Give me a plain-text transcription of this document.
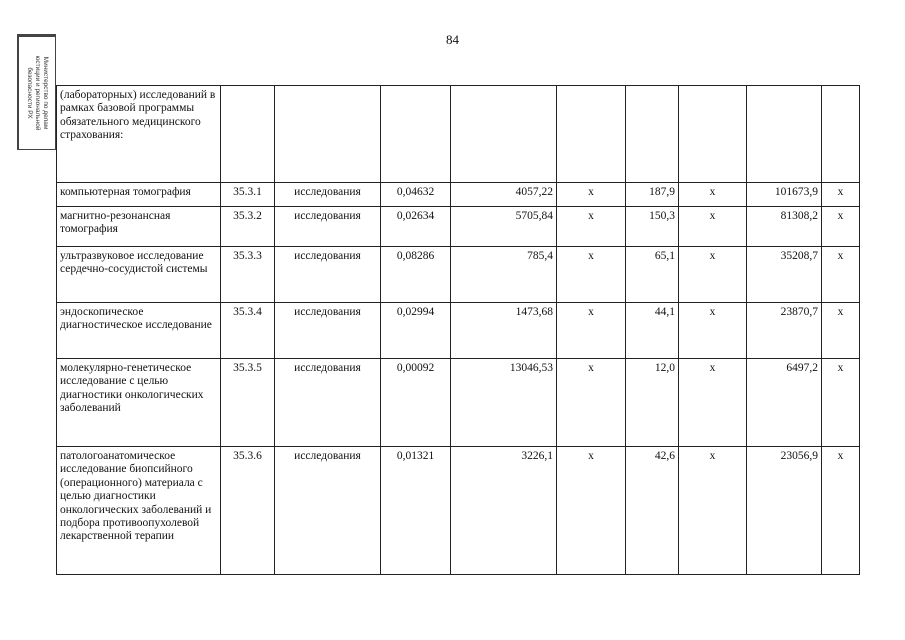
84
Министерство по делам
юстиции и региональной
безопасности РХ (лабораторных) исследований в рамках базовой программы обязательного медицинского страхования:									
компьютерная томография	35.3.1	исследования	0,04632	4057,22	x	187,9	x	101673,9	x
магнитно-резонансная томография	35.3.2	исследования	0,02634	5705,84	x	150,3	x	81308,2	x
ультразвуковое исследование сердечно-сосудистой системы	35.3.3	исследования	0,08286	785,4	x	65,1	x	35208,7	x
эндоскопическое диагностическое исследование	35.3.4	исследования	0,02994	1473,68	x	44,1	x	23870,7	x
молекулярно-генетическое исследование с целью диагностики онкологических заболеваний	35.3.5	исследования	0,00092	13046,53	x	12,0	x	6497,2	x
патологоанатомическое исследование биопсийного (операционного) материала с целью диагностики онкологических заболеваний и подбора противоопухолевой лекарственной терапии	35.3.6	исследования	0,01321	3226,1	x	42,6	x	23056,9	x
